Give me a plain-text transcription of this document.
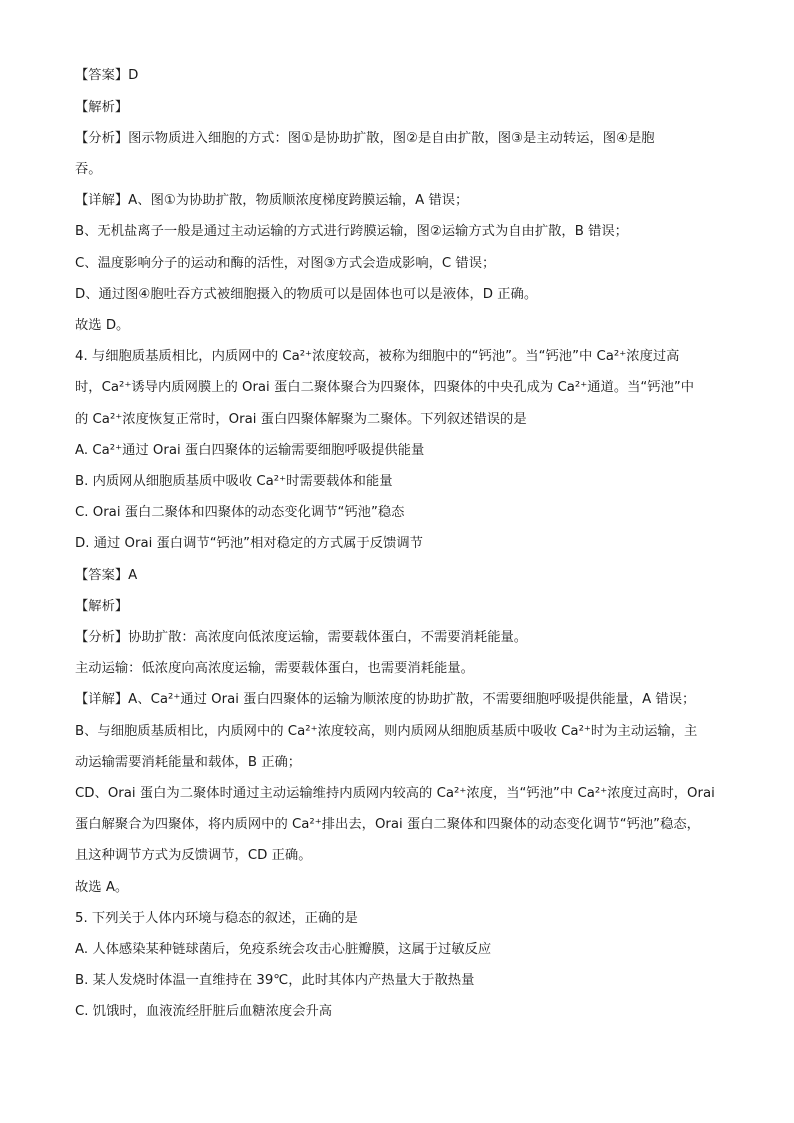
【答案】D
【解析】
【分析】图示物质进入细胞的方式：图①是协助扩散，图②是自由扩散，图③是主动转运，图④是胞
吞。
【详解】A、图①为协助扩散，物质顺浓度梯度跨膜运输，A 错误；
B、无机盐离子一般是通过主动运输的方式进行跨膜运输，图②运输方式为自由扩散，B 错误；
C、温度影响分子的运动和酶的活性，对图③方式会造成影响，C 错误；
D、通过图④胞吐吞方式被细胞摄入的物质可以是固体也可以是液体，D 正确。
故选 D。
4. 与细胞质基质相比，内质网中的 Ca²⁺浓度较高，被称为细胞中的“钙池”。当“钙池”中 Ca²⁺浓度过高
时，Ca²⁺诱导内质网膜上的 Orai 蛋白二聚体聚合为四聚体，四聚体的中央孔成为 Ca²⁺通道。当“钙池”中
的 Ca²⁺浓度恢复正常时，Orai 蛋白四聚体解聚为二聚体。下列叙述错误的是
A. Ca²⁺通过 Orai 蛋白四聚体的运输需要细胞呼吸提供能量
B. 内质网从细胞质基质中吸收 Ca²⁺时需要载体和能量
C. Orai 蛋白二聚体和四聚体的动态变化调节“钙池”稳态
D. 通过 Orai 蛋白调节“钙池”相对稳定的方式属于反馈调节
【答案】A
【解析】
【分析】协助扩散：高浓度向低浓度运输，需要载体蛋白，不需要消耗能量。
主动运输：低浓度向高浓度运输，需要载体蛋白，也需要消耗能量。
【详解】A、Ca²⁺通过 Orai 蛋白四聚体的运输为顺浓度的协助扩散，不需要细胞呼吸提供能量，A 错误；
B、与细胞质基质相比，内质网中的 Ca²⁺浓度较高，则内质网从细胞质基质中吸收 Ca²⁺时为主动运输，主
动运输需要消耗能量和载体，B 正确；
CD、Orai 蛋白为二聚体时通过主动运输维持内质网内较高的 Ca²⁺浓度，当“钙池”中 Ca²⁺浓度过高时，Orai
蛋白解聚合为四聚体，将内质网中的 Ca²⁺排出去，Orai 蛋白二聚体和四聚体的动态变化调节“钙池”稳态，
且这种调节方式为反馈调节，CD 正确。
故选 A。
5. 下列关于人体内环境与稳态的叙述，正确的是
A. 人体感染某种链球菌后，免疫系统会攻击心脏瓣膜，这属于过敏反应
B. 某人发烧时体温一直维持在 39℃，此时其体内产热量大于散热量
C. 饥饿时，血液流经肝脏后血糖浓度会升高
